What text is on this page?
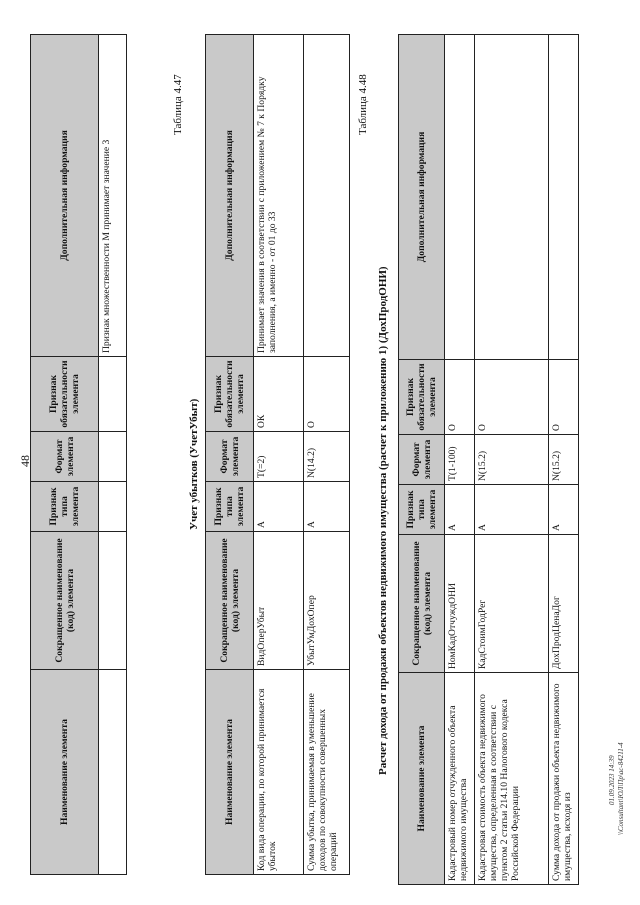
Наименование элемента	Сокращенное наименование (код) элемента	Признак типа элемента	Формат элемента	Признак обязательности элемента	Дополнительная информация
					Признак множественности М принимает значение 3
48
Таблица 4.47
Учет убытков (УчетУбыт)
Наименование элемента	Сокращенное наименование (код) элемента	Признак типа элемента	Формат элемента	Признак обязательности элемента	Дополнительная информация
Код вида операции, по которой принимается убыток	ВидОперУбыт	А	Т(=2)	ОК	Принимает значения в соответствии с приложением № 7 к Порядку заполнения, а именно - от 01 до 33
Сумма убытка, принимаемая в уменьшение доходов по совокупности совершенных операций	УбытУмДохОпер	А	N(14.2)	О	
Таблица 4.48
Расчет дохода от продажи объектов недвижимого имущества (расчет к приложению 1) (ДохПродОНИ)
Наименование элемента	Сокращенное наименование (код) элемента	Признак типа элемента	Формат элемента	Признак обязательности элемента	Дополнительная информация
Кадастровый номер отчужденного объекта недвижимого имущества	НомКадОтчуждОНИ	А	Т(1-100)	О	
Кадастровая стоимость объекта недвижимого имущества, определенная в соответствии с пунктом 2 статьи 214.10 Налогового кодекса Российской Федерации	КадСтоимГодРег	А	N(15.2)	О	
Сумма дохода от продажи объекта недвижимого имущества, исходя из	ДохПродЦенаДог	А	N(15.2)	О	
01.09.2023 14:39 \\Consultant\ЮЛ\Пр\ac-84211-4
